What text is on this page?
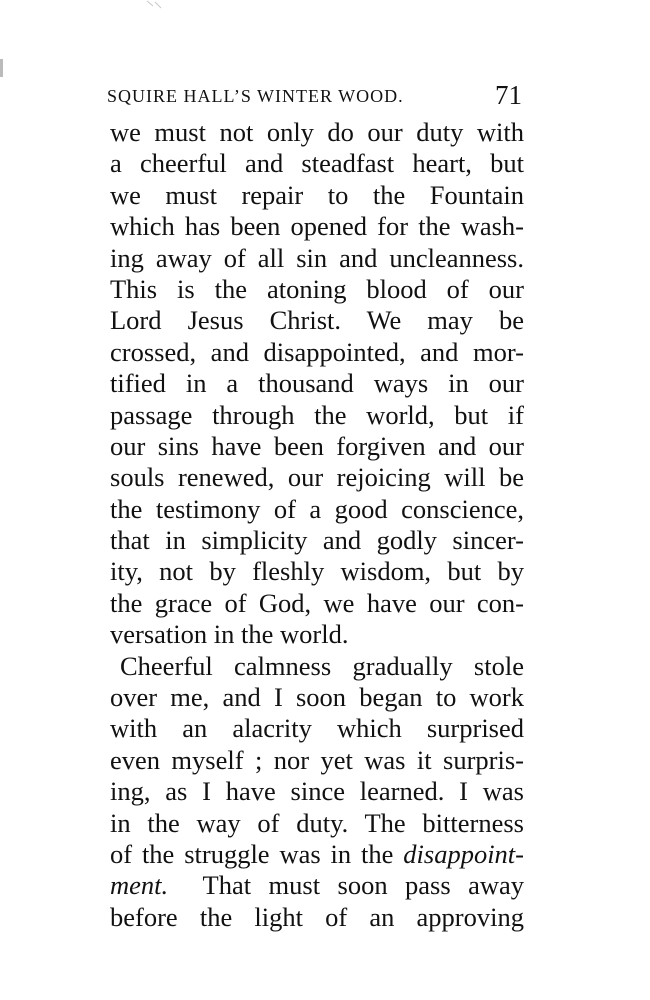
SQUIRE HALL’S WINTER WOOD.	71
we must not only do our duty with
a cheerful and steadfast heart, but
we must repair to the Fountain
which has been opened for the wash-
ing away of all sin and uncleanness.
This is the atoning blood of our
Lord Jesus Christ. We may be
crossed, and disappointed, and mor-
tified in a thousand ways in our
passage through the world, but if
our sins have been forgiven and our
souls renewed, our rejoicing will be
the testimony of a good conscience,
that in simplicity and godly sincer-
ity, not by fleshly wisdom, but by
the grace of God, we have our con-
versation in the world.
Cheerful calmness gradually stole
over me, and I soon began to work
with an alacrity which surprised
even myself ; nor yet was it surpris-
ing, as I have since learned. I was
in the way of duty. The bitterness
of the struggle was in the disappoint-
ment.  That must soon pass away
before the light of an approving
